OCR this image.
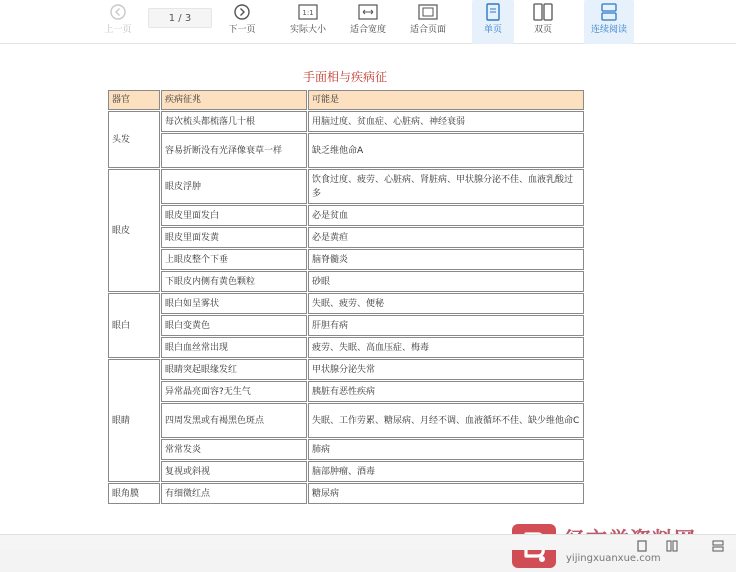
上一页
1 / 3
下一页
1:1
实际大小	适合宽度	适合页面	单页	双页	连续阅读
手面相与疾病征
器官	疾病征兆	可能是
头发	每次梳头都梳落几十根	用脑过度、贫血症、心脏病、神经衰弱
	容易折断没有光泽像衰草一样	缺乏维他命A
眼皮	眼皮浮肿	饮食过度、疲劳、心脏病、肾脏病、甲状腺分泌不佳、血液乳酸过多
	眼皮里面发白	必是贫血
	眼皮里面发黄	必是黄疸
	上眼皮整个下垂	脑脊髓炎
	下眼皮内侧有黄色颗粒	砂眼
眼白	眼白如呈雾状	失眠、疲劳、便秘
	眼白变黄色	肝胆有病
	眼白血丝常出现	疲劳、失眠、高血压症、梅毒
眼睛	眼睛突起眼缘发红	甲状腺分泌失常
	异常晶亮面容?无生气	胰脏有恶性疾病
	四周发黑或有褐黑色斑点	失眠、工作劳累、糖尿病、月经不调、血液循环不佳、缺少维他命C
	常常发炎	肺病
	复视或斜视	脑部肿瘤、酒毒
眼角膜	有细微红点	糖尿病
yijingxuanxue.com
